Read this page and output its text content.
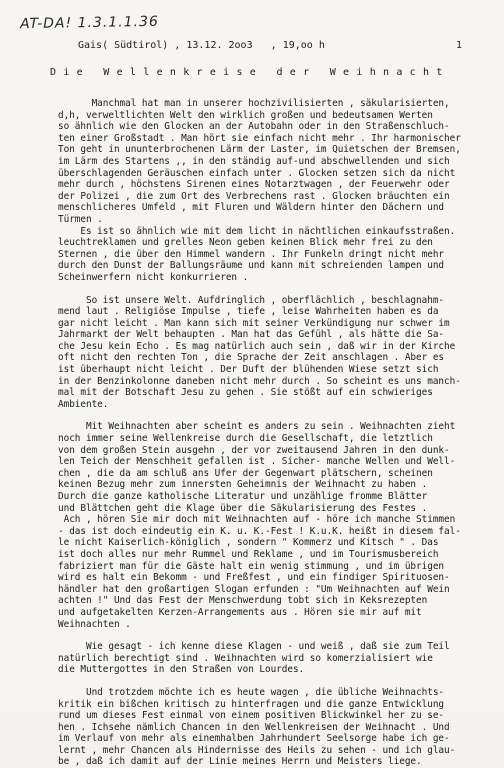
AT-DA! 1.3.1.1.36
Gais( Südtirol) , 13.12. 2oo3   , 19,oo h	1
Die Wellenkreise der Weihnacht
Manchmal hat man in unserer hochzivilisierten , säkularisierten,
d,h, verweltlichten Welt den wirklich großen und bedeutsamen Werten
so ähnlich wie den Glocken an der Autobahn oder in den Straßenschluch-
ten einer Großstadt . Man hört sie einfach nicht mehr . Ihr harmonischer
Ton geht in ununterbrochenen Lärm der Laster, im Quietschen der Bremsen,
im Lärm des Startens ,, in den ständig auf-und abschwellenden und sich
überschlagenden Geräuschen einfach unter . Glocken setzen sich da nicht
mehr durch , höchstens Sirenen eines Notarztwagen , der Feuerwehr oder
der Polizei , die zum Ort des Verbrechens rast . Glocken bräuchten ein
menschlicheres Umfeld , mit Fluren und Wäldern hinter den Dächern und
Türmen .
Es ist so ähnlich wie mit dem licht in nächtlichen einkaufsstraßen.
leuchtreklamen und grelles Neon geben keinen Blick mehr frei zu den
Sternen , die über den Himmel wandern . Ihr Funkeln dringt nicht mehr
durch den Dunst der Ballungsräume und kann mit schreienden lampen und
Scheinwerfern nicht konkurrieren .
So ist unsere Welt. Aufdringlich , oberflächlich , beschlagnahm-
mend laut . Religiöse Impulse , tiefe , leise Wahrheiten haben es da
gar nicht leicht . Man kann sich mit seiner Verkündigung nur schwer im
Jahrmarkt der Welt behaupten . Man hat das Gefühl , als hätte die Sa-
che Jesu kein Echo . Es mag natürlich auch sein , daß wir in der Kirche
oft nicht den rechten Ton , die Sprache der Zeit anschlagen . Aber es
ist überhaupt nicht leicht . Der Duft der blühenden Wiese setzt sich
in der Benzinkolonne daneben nicht mehr durch . So scheint es uns manch-
mal mit der Botschaft Jesu zu gehen . Sie stößt auf ein schwieriges
Ambiente.
Mit Weihnachten aber scheint es anders zu sein . Weihnachten zieht
noch immer seine Wellenkreise durch die Gesellschaft, die letztlich
von dem großen Stein ausgehn , der vor zweitausend Jahren in den dunk-
len Teich der Menschheit gefallen ist . Sicher- manche Wellen und Well-
chen , die da am schluß ans Ufer der Gegenwart plätschern, scheinen
keinen Bezug mehr zum innersten Geheimnis der Weihnacht zu haben .
Durch die ganze katholische Literatur und unzählige fromme Blätter
und Blättchen geht die Klage über die Säkularisierung des Festes .
Ach , hören Sie mir doch mit Weihnachten auf - höre ich manche Stimmen
- das ist doch eindeutig ein K. u. K.-Fest ! K.u.K. heißt in diesem fal-
le nicht Kaiserlich-königlich , sondern " Kommerz und Kitsch " . Das
ist doch alles nur mehr Rummel und Reklame , und im Tourismusbereich
fabriziert man für die Gäste halt ein wenig stimmung , und im übrigen
wird es halt ein Bekomm - und Freßfest , und ein findiger Spirituosen-
händler hat den großartigen Slogan erfunden : "Um Weihnachten auf Wein
achten !" Und das Fest der Menschwerdung tobt sich in Keksrezepten
und aufgetakelten Kerzen-Arrangements aus . Hören sie mir auf mit
Weihnachten .
Wie gesagt - ich kenne diese Klagen - und weiß , daß sie zum Teil
natürlich berechtigt sind . Weihnachten wird so komerzialisiert wie
die Muttergottes in den Straßen von Lourdes.
Und trotzdem möchte ich es heute wagen , die übliche Weihnachts-
kritik ein bißchen kritisch zu hinterfragen und die ganze Entwicklung
rund um dieses Fest einmal von einem positiven Blickwinkel her zu se-
hen . Ichsehe nämlich Chancen in den Wellenkreisen der Weihnacht . Und
im Verlauf von mehr als einemhalben Jahrhundert Seelsorge habe ich ge-
lernt , mehr Chancen als Hindernisse des Heils zu sehen - und ich glau-
be , daß ich damit auf der Linie meines Herrn und Meisters liege.
